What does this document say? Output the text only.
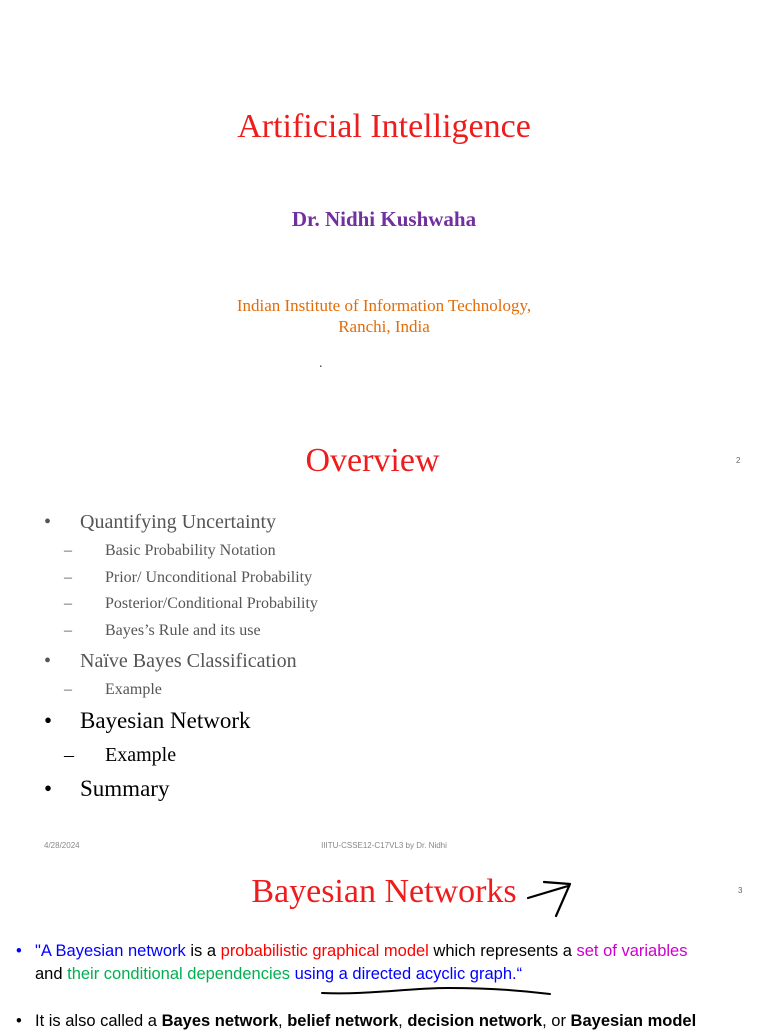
Artificial Intelligence
Dr. Nidhi Kushwaha
Indian Institute of Information Technology,
Ranchi, India
.
Overview	2
• Quantifying Uncertainty
– Basic Probability Notation
– Prior/ Unconditional Probability
– Posterior/Conditional Probability
– Bayes’s Rule and its use
• Naïve Bayes Classification
– Example
• Bayesian Network
– Example
• Summary
4/28/2024	IIITU-CSSE12-C17VL3 by Dr. Nidhi
Bayesian Networks	3
• "A Bayesian network is a probabilistic graphical model which represents a set of variables
and their conditional dependencies using a directed acyclic graph.“
• It is also called a Bayes network, belief network, decision network, or Bayesian model
